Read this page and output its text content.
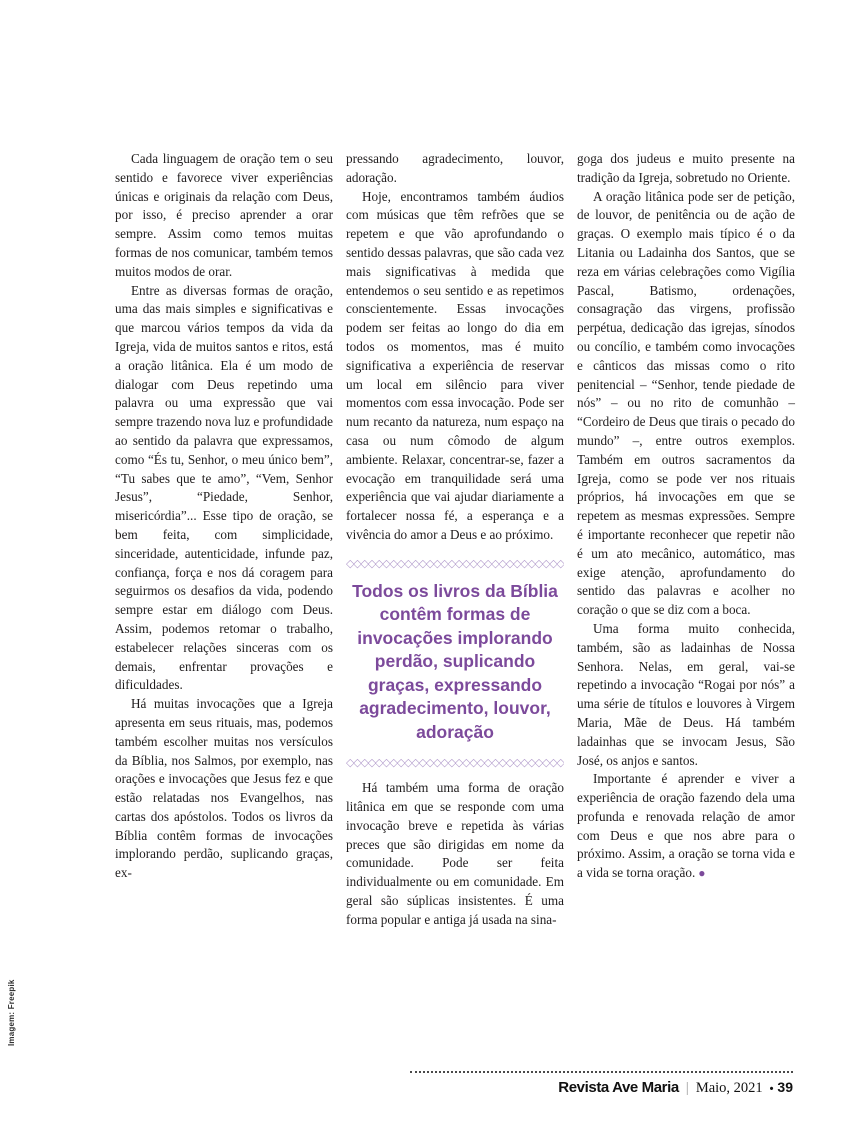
Imagem: Freepik

Cada linguagem de oração tem o seu sentido e favorece viver experiências únicas e originais da relação com Deus, por isso, é preciso aprender a orar sempre. Assim como temos muitas formas de nos comunicar, também temos muitos modos de orar.

Entre as diversas formas de oração, uma das mais simples e significativas e que marcou vários tempos da vida da Igreja, vida de muitos santos e ritos, está a oração litânica. Ela é um modo de dialogar com Deus repetindo uma palavra ou uma expressão que vai sempre trazendo nova luz e profundidade ao sentido da palavra que expressamos, como “És tu, Senhor, o meu único bem”, “Tu sabes que te amo”, “Vem, Senhor Jesus”, “Piedade, Senhor, misericórdia”... Esse tipo de oração, se bem feita, com simplicidade, sinceridade, autenticidade, infunde paz, confiança, força e nos dá coragem para seguirmos os desafios da vida, podendo sempre estar em diálogo com Deus. Assim, podemos retomar o trabalho, estabelecer relações sinceras com os demais, enfrentar provações e dificuldades.

Há muitas invocações que a Igreja apresenta em seus rituais, mas, podemos também escolher muitas nos versículos da Bíblia, nos Salmos, por exemplo, nas orações e invocações que Jesus fez e que estão relatadas nos Evangelhos, nas cartas dos apóstolos. Todos os livros da Bíblia contêm formas de invocações implorando perdão, suplicando graças, ex-

pressando agradecimento, louvor, adoração.

Hoje, encontramos também áudios com músicas que têm refrões que se repetem e que vão aprofundando o sentido dessas palavras, que são cada vez mais significativas à medida que entendemos o seu sentido e as repetimos conscientemente. Essas invocações podem ser feitas ao longo do dia em todos os momentos, mas é muito significativa a experiência de reservar um local em silêncio para viver momentos com essa invocação. Pode ser num recanto da natureza, num espaço na casa ou num cômodo de algum ambiente. Relaxar, concentrar-se, fazer a evocação em tranquilidade será uma experiência que vai ajudar diariamente a fortalecer nossa fé, a esperança e a vivência do amor a Deus e ao próximo.

◇◇◇◇◇◇◇◇◇◇◇◇◇◇◇◇◇◇◇◇◇◇◇◇◇◇◇◇◇◇
Todos os livros da Bíblia contêm formas de invocações implorando perdão, suplicando graças, expressando agradecimento, louvor, adoração
◇◇◇◇◇◇◇◇◇◇◇◇◇◇◇◇◇◇◇◇◇◇◇◇◇◇◇◇◇◇

Há também uma forma de oração litânica em que se responde com uma invocação breve e repetida às várias preces que são dirigidas em nome da comunidade. Pode ser feita individualmente ou em comunidade. Em geral são súplicas insistentes. É uma forma popular e antiga já usada na sina-

goga dos judeus e muito presente na tradição da Igreja, sobretudo no Oriente.

A oração litânica pode ser de petição, de louvor, de penitência ou de ação de graças. O exemplo mais típico é o da Litania ou Ladainha dos Santos, que se reza em várias celebrações como Vigília Pascal, Batismo, ordenações, consagração das virgens, profissão perpétua, dedicação das igrejas, sínodos ou concílio, e também como invocações e cânticos das missas como o rito penitencial – “Senhor, tende piedade de nós” – ou no rito de comunhão – “Cordeiro de Deus que tirais o pecado do mundo” –, entre outros exemplos. Também em outros sacramentos da Igreja, como se pode ver nos rituais próprios, há invocações em que se repetem as mesmas expressões. Sempre é importante reconhecer que repetir não é um ato mecânico, automático, mas exige atenção, aprofundamento do sentido das palavras e acolher no coração o que se diz com a boca.

Uma forma muito conhecida, também, são as ladainhas de Nossa Senhora. Nelas, em geral, vai-se repetindo a invocação “Rogai por nós” a uma série de títulos e louvores à Virgem Maria, Mãe de Deus. Há também ladainhas que se invocam Jesus, São José, os anjos e santos.

Importante é aprender e viver a experiência de oração fazendo dela uma profunda e renovada relação de amor com Deus e que nos abre para o próximo. Assim, a oração se torna vida e a vida se torna oração. ●

Revista Ave Maria | Maio, 2021 • 39
